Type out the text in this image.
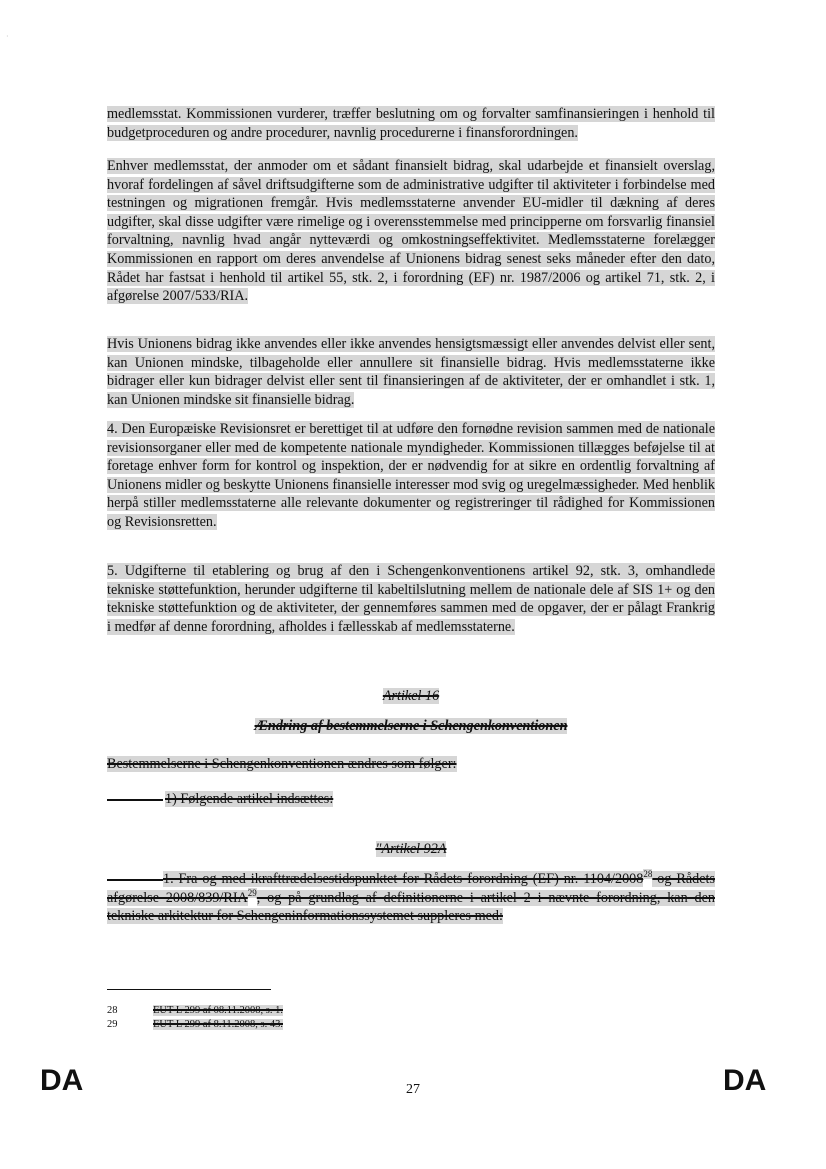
·
medlemsstat. Kommissionen vurderer, træffer beslutning om og forvalter samfinansieringen i henhold til budgetproceduren og andre procedurer, navnlig procedurerne i finansforordningen.
Enhver medlemsstat, der anmoder om et sådant finansielt bidrag, skal udarbejde et finansielt overslag, hvoraf fordelingen af såvel driftsudgifterne som de administrative udgifter til aktiviteter i forbindelse med testningen og migrationen fremgår. Hvis medlemsstaterne anvender EU-midler til dækning af deres udgifter, skal disse udgifter være rimelige og i overensstemmelse med principperne om forsvarlig finansiel forvaltning, navnlig hvad angår nytteværdi og omkostningseffektivitet. Medlemsstaterne forelægger Kommissionen en rapport om deres anvendelse af Unionens bidrag senest seks måneder efter den dato, Rådet har fastsat i henhold til artikel 55, stk. 2, i forordning (EF) nr. 1987/2006 og artikel 71, stk. 2, i afgørelse 2007/533/RIA.
Hvis Unionens bidrag ikke anvendes eller ikke anvendes hensigtsmæssigt eller anvendes delvist eller sent, kan Unionen mindske, tilbageholde eller annullere sit finansielle bidrag. Hvis medlemsstaterne ikke bidrager eller kun bidrager delvist eller sent til finansieringen af de aktiviteter, der er omhandlet i stk. 1, kan Unionen mindske sit finansielle bidrag.
4. Den Europæiske Revisionsret er berettiget til at udføre den fornødne revision sammen med de nationale revisionsorganer eller med de kompetente nationale myndigheder. Kommissionen tillægges beføjelse til at foretage enhver form for kontrol og inspektion, der er nødvendig for at sikre en ordentlig forvaltning af Unionens midler og beskytte Unionens finansielle interesser mod svig og uregelmæssigheder. Med henblik herpå stiller medlemsstaterne alle relevante dokumenter og registreringer til rådighed for Kommissionen og Revisionsretten.
5. Udgifterne til etablering og brug af den i Schengenkonventionens artikel 92, stk. 3, omhandlede tekniske støttefunktion, herunder udgifterne til kabeltilslutning mellem de nationale dele af SIS 1+ og den tekniske støttefunktion og de aktiviteter, der gennemføres sammen med de opgaver, der er pålagt Frankrig i medfør af denne forordning, afholdes i fællesskab af medlemsstaterne.
Artikel 16
Ændring af bestemmelserne i Schengenkonventionen
Bestemmelserne i Schengenkonventionen ændres som følger:
1) Følgende artikel indsættes:
"Artikel 92A
1. Fra og med ikrafttrædelsestidspunktet for Rådets forordning (EF) nr. 1104/2008$^{28}$ og Rådets afgørelse 2008/839/RIA$^{29}$, og på grundlag af definitionerne i artikel 2 i nævnte forordning, kan den tekniske arkitektur for Schengeninformationssystemet suppleres med:
28	EUT L 299 af 08.11.2008, s. 1.
29	EUT L 299 af 8.11.2008, s. 43.
DA	27	DA
